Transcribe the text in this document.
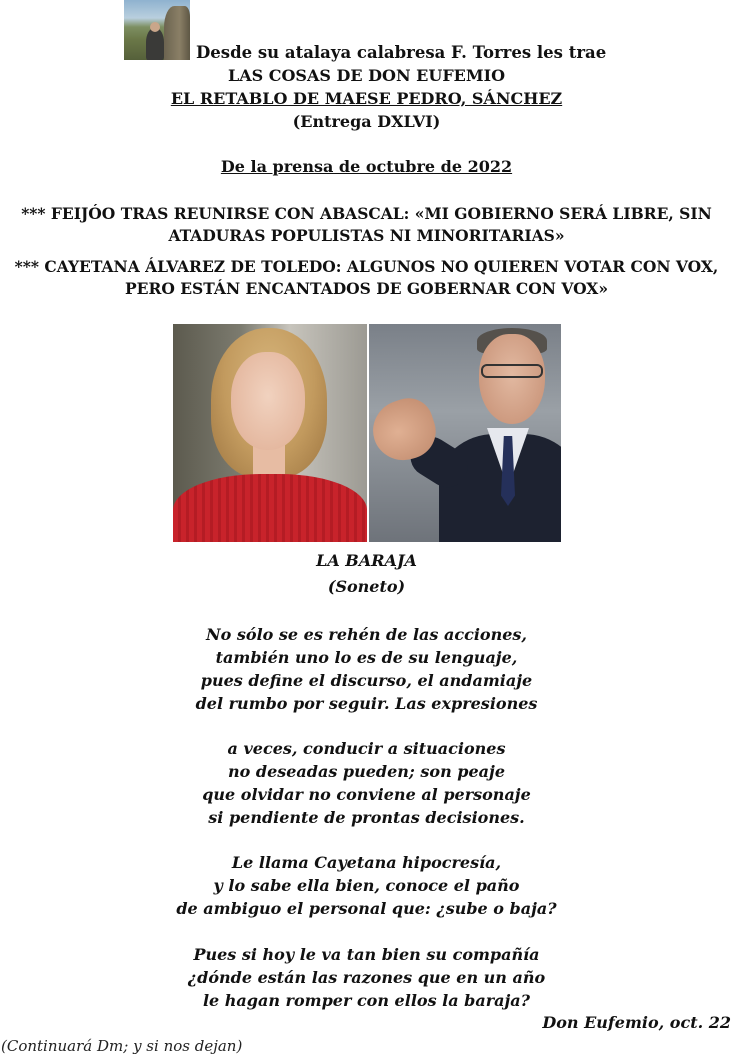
Desde su atalaya calabresa F. Torres les trae
LAS COSAS DE DON EUFEMIO
EL RETABLO DE MAESE PEDRO, SÁNCHEZ
(Entrega DXLVI)
De la prensa de octubre de 2022
*** FEIJÓO TRAS REUNIRSE CON ABASCAL: «MI GOBIERNO SERÁ LIBRE, SIN
ATADURAS POPULISTAS NI MINORITARIAS»
*** CAYETANA ÁLVAREZ DE TOLEDO: ALGUNOS NO QUIEREN VOTAR CON VOX,
PERO ESTÁN ENCANTADOS DE GOBERNAR CON VOX»
LA BARAJA
(Soneto)
No sólo se es rehén de las acciones,
también uno lo es de su lenguaje,
pues define el discurso, el andamiaje
del rumbo por seguir. Las expresiones
a veces, conducir a situaciones
no deseadas pueden; son peaje
que olvidar no conviene al personaje
si pendiente de prontas decisiones.
Le llama Cayetana hipocresía,
y lo sabe ella bien, conoce el paño
de ambiguo el personal que: ¿sube o baja?
Pues si hoy le va tan bien su compañía
¿dónde están las razones que en un año
le hagan romper con ellos la baraja?
Don Eufemio, oct. 22
(Continuará Dm; y si nos dejan)
